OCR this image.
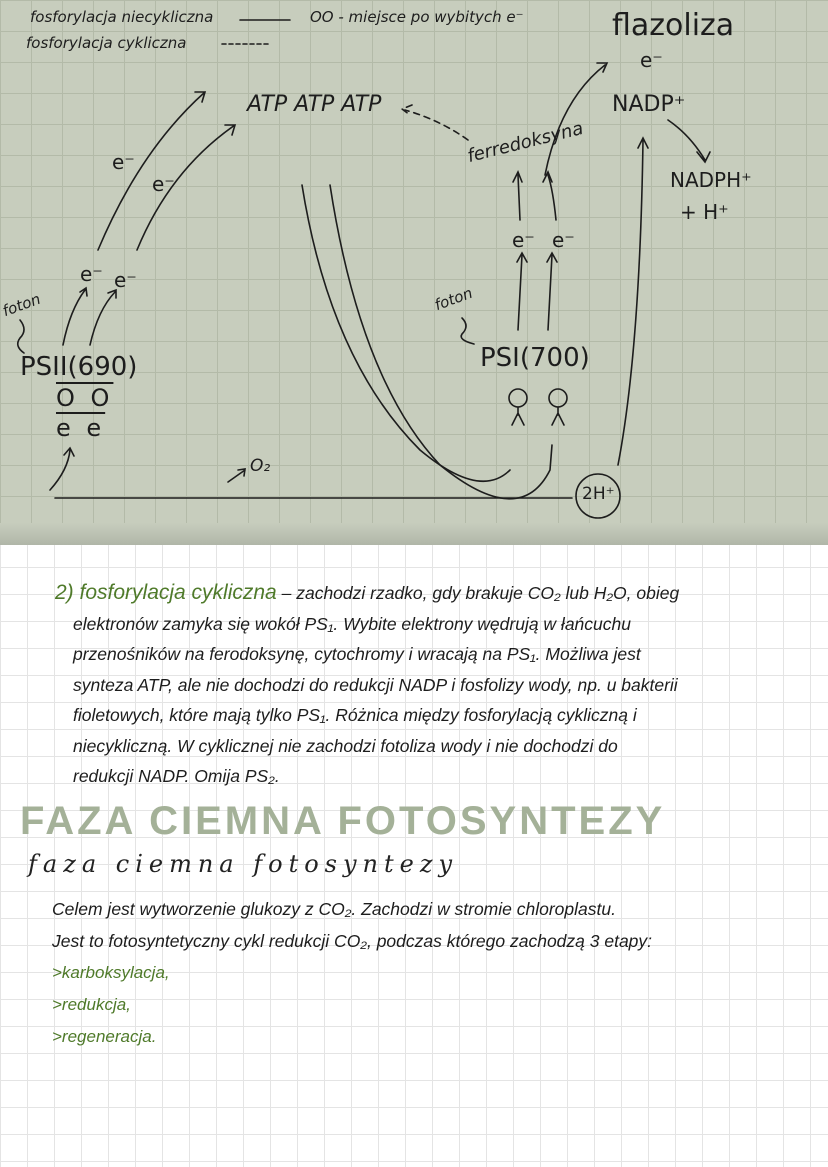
fosforylacja niecykliczna
fosforylacja cykliczna
OO - miejsce po wybitych e⁻	flazoliza
e⁻
ATP ATP ATP	NADP⁺
ferredoksyna
NADPH⁺
+ H⁺
e⁻
e⁻
e⁻ e⁻
e⁻ e⁻
foton	foton
PSII(690)	PSI(700)
O O
e e
O₂
2H⁺
2) fosforylacja cykliczna – zachodzi rzadko, gdy brakuje CO₂ lub H₂O, obieg
elektronów zamyka się wokół PS₁. Wybite elektrony wędrują w łańcuchu
przenośników na ferodoksynę, cytochromy i wracają na PS₁. Możliwa jest
synteza ATP, ale nie dochodzi do redukcji NADP i fosfolizy wody, np. u bakterii
fioletowych, które mają tylko PS₁. Różnica między fosforylacją cykliczną i
niecykliczną. W cyklicznej nie zachodzi fotoliza wody i nie dochodzi do
redukcji NADP. Omija PS₂.
FAZA CIEMNA FOTOSYNTEZY
faza ciemna fotosyntezy
Celem jest wytworzenie glukozy z CO₂. Zachodzi w stromie chloroplastu.
Jest to fotosyntetyczny cykl redukcji CO₂, podczas którego zachodzą 3 etapy:
>karboksylacja,
>redukcja,
>regeneracja.
